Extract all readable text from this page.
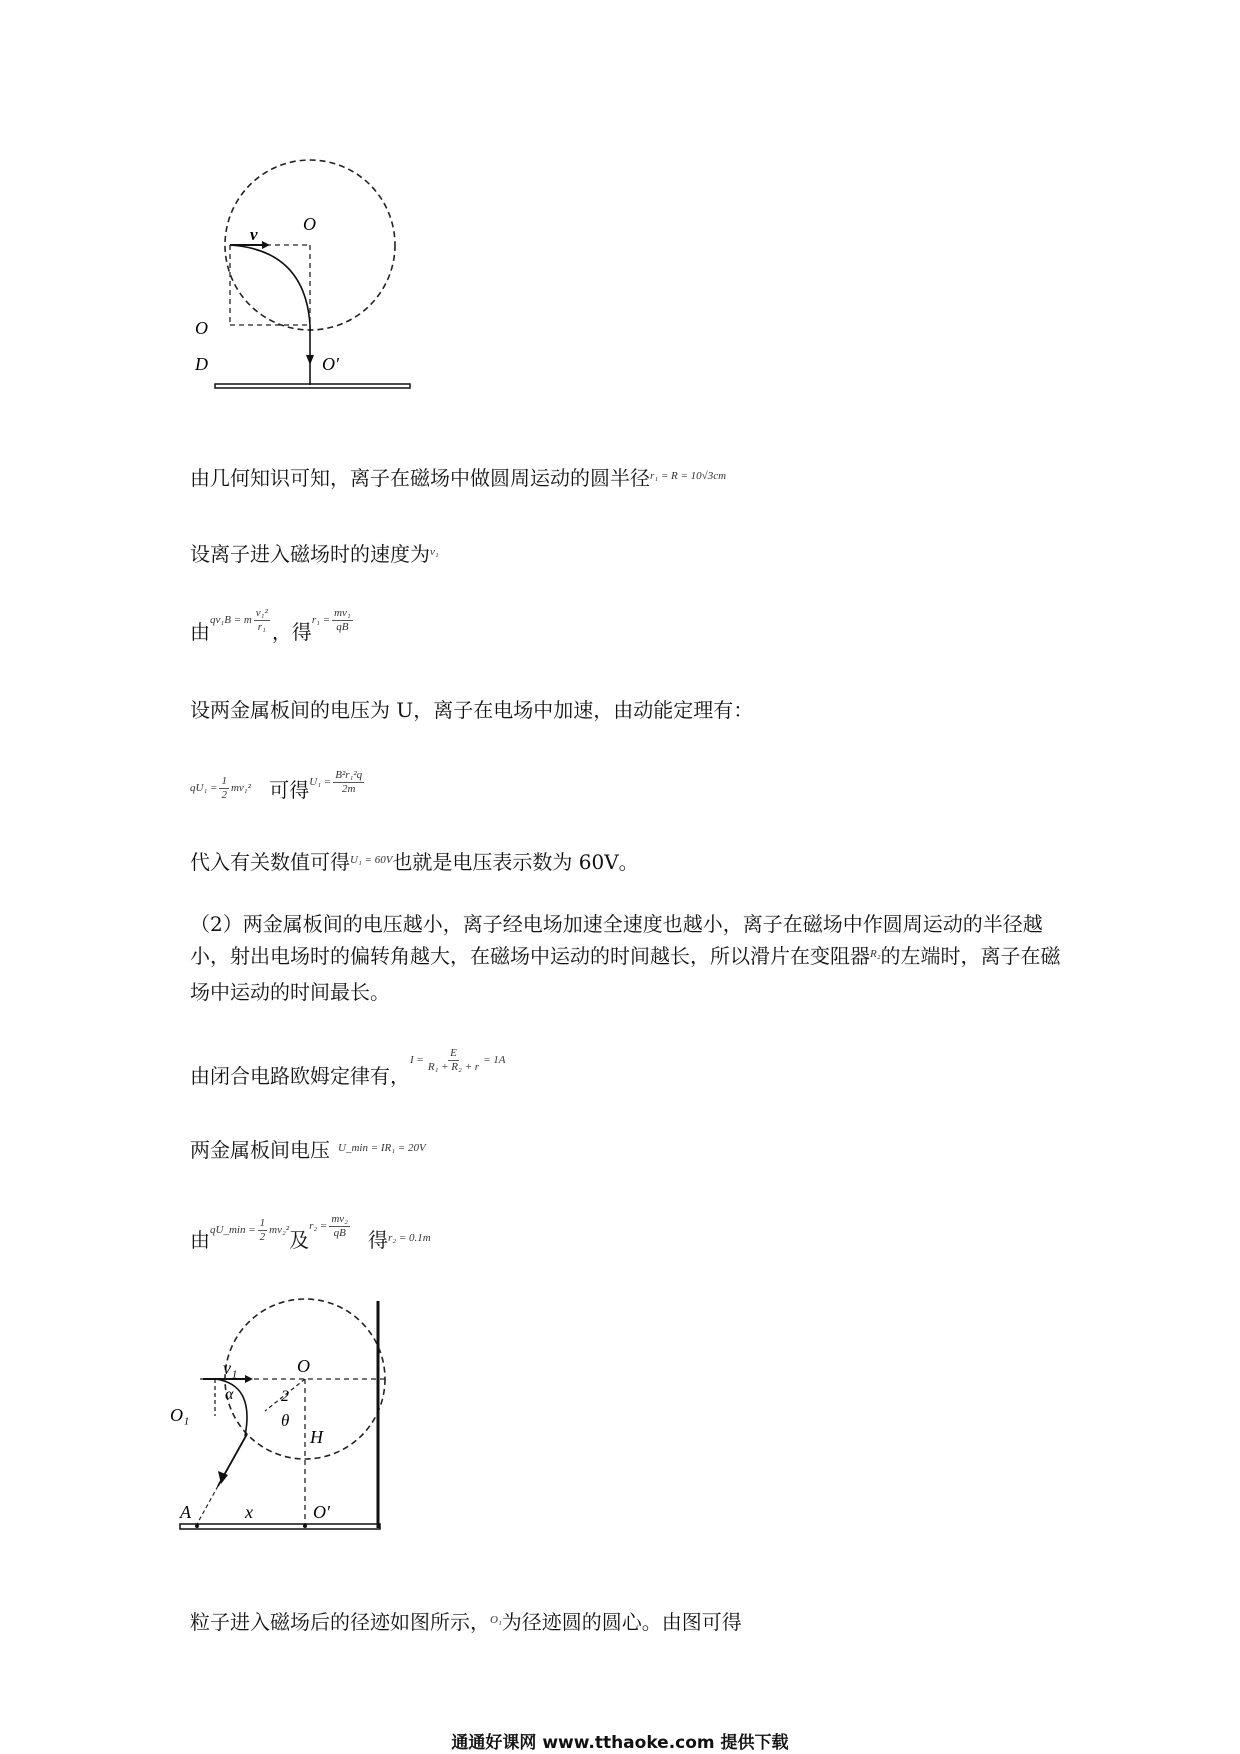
v
O
O
D	O′
由几何知识可知，离子在磁场中做圆周运动的圆半径r₁ = R = 10√3cm
设离子进入磁场时的速度为v₁
由qv₁B = m $\frac{\text{v₁²}}{\text{r₁}}$ ，得$r_1 = \frac{\text{mv₁}}{qB}$
设两金属板间的电压为 U，离子在电场中加速，由动能定理有：
$qU_1 = \frac{1}{2} mv_1^2$ 可得$U_1 = \frac{\text{B²r₁²q}}{2m}$
代入有关数值可得U₁ = 60V也就是电压表示数为 60V。
（2）两金属板间的电压越小，离子经电场加速全速度也越小，离子在磁场中作圆周运动的半径越小，射出电场时的偏转角越大，在磁场中运动的时间越长，所以滑片在变阻器R₂的左端时，离子在磁场中运动的时间最长。
由闭合电路欧姆定律有，$I = \frac{E}{\text{R₁ + R₂ + r}} = 1A$
两金属板间电压 U_min = IR₁ = 20V
由qU_min = $\frac{1}{2} mv_2^2$及$r_2 = \frac{\text{mv₂}}{qB}$
得r₂ = 0.1m
v₁	O
α	2
θ
O₁
H
A	x	O′
粒子进入磁场后的径迹如图所示，O₁为径迹圆的圆心。由图可得
通通好课网 www.tthaoke.com 提供下载
